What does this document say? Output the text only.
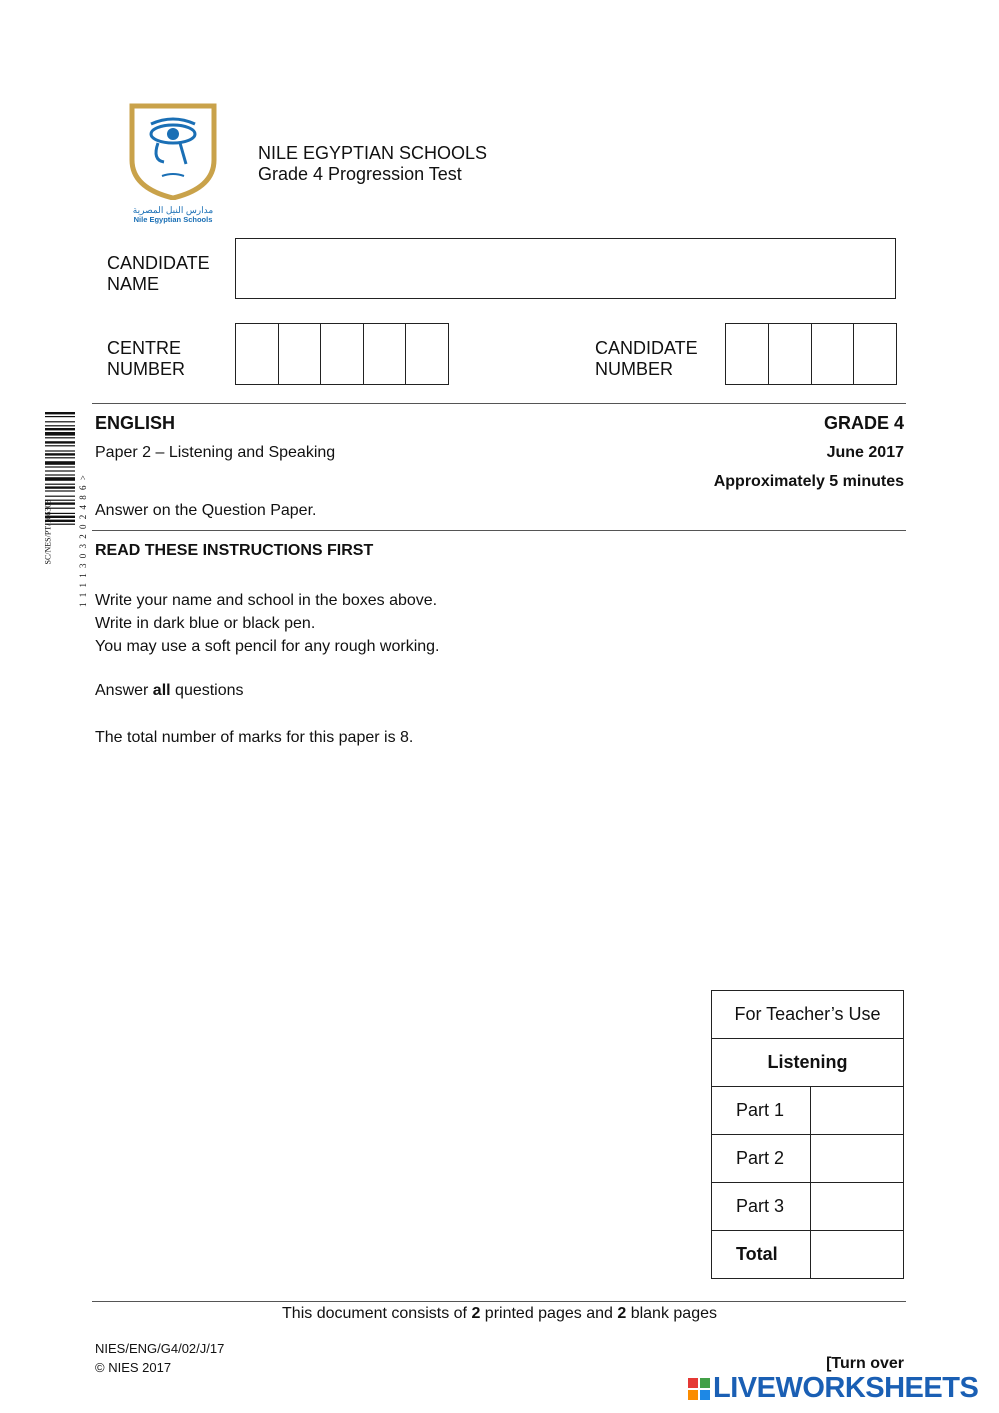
مدارس النيل المصرية
Nile Egyptian Schools
NILE EGYPTIAN SCHOOLS
Grade 4 Progression Test
CANDIDATE
NAME
CENTRE
NUMBER
CANDIDATE
NUMBER
SC/NES/PT/166303	1 1 1 1 3 0 3 2 0 2 4 8 6 >
ENGLISH	GRADE 4
Paper 2 – Listening and Speaking	June 2017
Approximately 5 minutes
Answer on the Question Paper.
READ THESE INSTRUCTIONS FIRST
Write your name and school in the boxes above.
Write in dark blue or black pen.
You may use a soft pencil for any rough working.
Answer all questions
The total number of marks for this paper is 8.
For Teacher’s Use	
Listening	
Part 1	
Part 2	
Part 3	
Total	
This document consists of 2 printed pages and 2 blank pages
NIES/ENG/G4/02/J/17
© NIES 2017	[Turn over
LIVEWORKSHEETS
